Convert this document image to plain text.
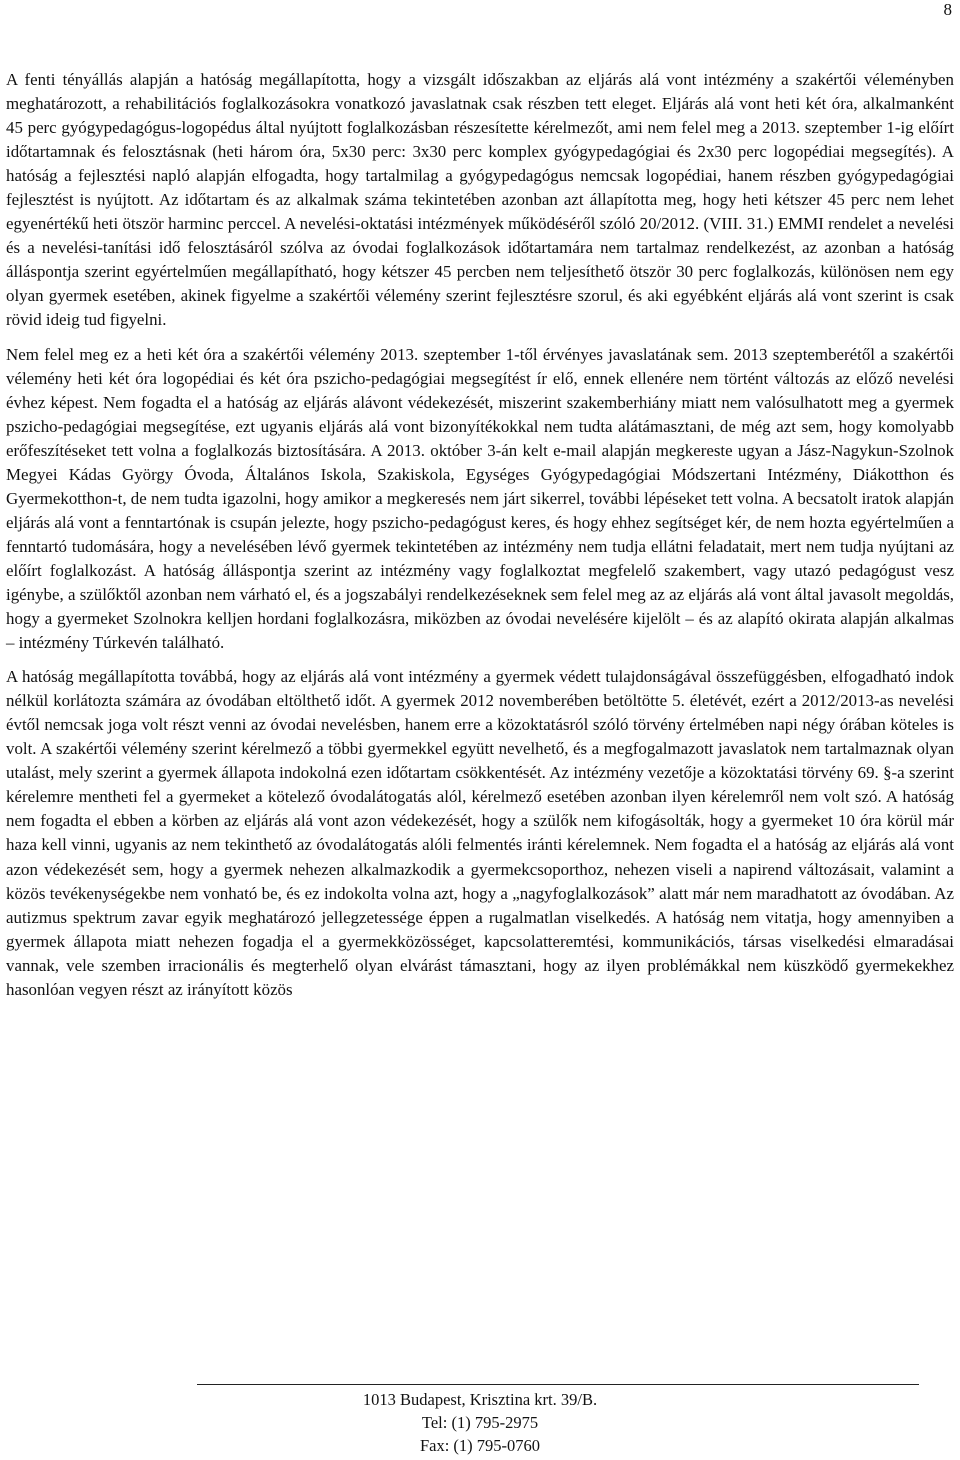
8

A fenti tényállás alapján a hatóság megállapította, hogy a vizsgált időszakban az eljárás alá vont intézmény a szakértői véleményben meghatározott, a rehabilitációs foglalkozásokra vonatkozó javaslatnak csak részben tett eleget. Eljárás alá vont heti két óra, alkalmanként 45 perc gyógypedagógus-logopédus által nyújtott foglalkozásban részesítette kérelmezőt, ami nem felel meg a 2013. szeptember 1-ig előírt időtartamnak és felosztásnak (heti három óra, 5x30 perc: 3x30 perc komplex gyógypedagógiai és 2x30 perc logopédiai megsegítés). A hatóság a fejlesztési napló alapján elfogadta, hogy tartalmilag a gyógypedagógus nemcsak logopédiai, hanem részben gyógypedagógiai fejlesztést is nyújtott. Az időtartam és az alkalmak száma tekintetében azonban azt állapította meg, hogy heti kétszer 45 perc nem lehet egyenértékű heti ötször harminc perccel. A nevelési-oktatási intézmények működéséről szóló 20/2012. (VIII. 31.) EMMI rendelet a nevelési és a nevelési-tanítási idő felosztásáról szólva az óvodai foglalkozások időtartamára nem tartalmaz rendelkezést, az azonban a hatóság álláspontja szerint egyértelműen megállapítható, hogy kétszer 45 percben nem teljesíthető ötször 30 perc foglalkozás, különösen nem egy olyan gyermek esetében, akinek figyelme a szakértői vélemény szerint fejlesztésre szorul, és aki egyébként eljárás alá vont szerint is csak rövid ideig tud figyelni.

Nem felel meg ez a heti két óra a szakértői vélemény 2013. szeptember 1-től érvényes javaslatának sem. 2013 szeptemberétől a szakértői vélemény heti két óra logopédiai és két óra pszicho-pedagógiai megsegítést ír elő, ennek ellenére nem történt változás az előző nevelési évhez képest. Nem fogadta el a hatóság az eljárás alávont védekezését, miszerint szakemberhiány miatt nem valósulhatott meg a gyermek pszicho-pedagógiai megsegítése, ezt ugyanis eljárás alá vont bizonyítékokkal nem tudta alátámasztani, de még azt sem, hogy komolyabb erőfeszítéseket tett volna a foglalkozás biztosítására. A 2013. október 3-án kelt e-mail alapján megkereste ugyan a Jász-Nagykun-Szolnok Megyei Kádas György Óvoda, Általános Iskola, Szakiskola, Egységes Gyógypedagógiai Módszertani Intézmény, Diákotthon és Gyermekotthon-t, de nem tudta igazolni, hogy amikor a megkeresés nem járt sikerrel, további lépéseket tett volna. A becsatolt iratok alapján eljárás alá vont a fenntartónak is csupán jelezte, hogy pszicho-pedagógust keres, és hogy ehhez segítséget kér, de nem hozta egyértelműen a fenntartó tudomására, hogy a nevelésében lévő gyermek tekintetében az intézmény nem tudja ellátni feladatait, mert nem tudja nyújtani az előírt foglalkozást. A hatóság álláspontja szerint az intézmény vagy foglalkoztat megfelelő szakembert, vagy utazó pedagógust vesz igénybe, a szülőktől azonban nem várható el, és a jogszabályi rendelkezéseknek sem felel meg az az eljárás alá vont által javasolt megoldás, hogy a gyermeket Szolnokra kelljen hordani foglalkozásra, miközben az óvodai nevelésére kijelölt – és az alapító okirata alapján alkalmas – intézmény Túrkevén található.

A hatóság megállapította továbbá, hogy az eljárás alá vont intézmény a gyermek védett tulajdonságával összefüggésben, elfogadható indok nélkül korlátozta számára az óvodában eltölthető időt. A gyermek 2012 novemberében betöltötte 5. életévét, ezért a 2012/2013-as nevelési évtől nemcsak joga volt részt venni az óvodai nevelésben, hanem erre a közoktatásról szóló törvény értelmében napi négy órában köteles is volt. A szakértői vélemény szerint kérelmező a többi gyermekkel együtt nevelhető, és a megfogalmazott javaslatok nem tartalmaznak olyan utalást, mely szerint a gyermek állapota indokolná ezen időtartam csökkentését. Az intézmény vezetője a közoktatási törvény 69. §-a szerint kérelemre mentheti fel a gyermeket a kötelező óvodalátogatás alól, kérelmező esetében azonban ilyen kérelemről nem volt szó. A hatóság nem fogadta el ebben a körben az eljárás alá vont azon védekezését, hogy a szülők nem kifogásolták, hogy a gyermeket 10 óra körül már haza kell vinni, ugyanis az nem tekinthető az óvodalátogatás alóli felmentés iránti kérelemnek. Nem fogadta el a hatóság az eljárás alá vont azon védekezését sem, hogy a gyermek nehezen alkalmazkodik a gyermekcsoporthoz, nehezen viseli a napirend változásait, valamint a közös tevékenységekbe nem vonható be, és ez indokolta volna azt, hogy a „nagyfoglalkozások” alatt már nem maradhatott az óvodában. Az autizmus spektrum zavar egyik meghatározó jellegzetessége éppen a rugalmatlan viselkedés. A hatóság nem vitatja, hogy amennyiben a gyermek állapota miatt nehezen fogadja el a gyermekközösséget, kapcsolatteremtési, kommunikációs, társas viselkedési elmaradásai vannak, vele szemben irracionális és megterhelő olyan elvárást támasztani, hogy az ilyen problémákkal nem küszködő gyermekekhez hasonlóan vegyen részt az irányított közös

1013 Budapest, Krisztina krt. 39/B.
Tel: (1) 795-2975
Fax: (1) 795-0760
